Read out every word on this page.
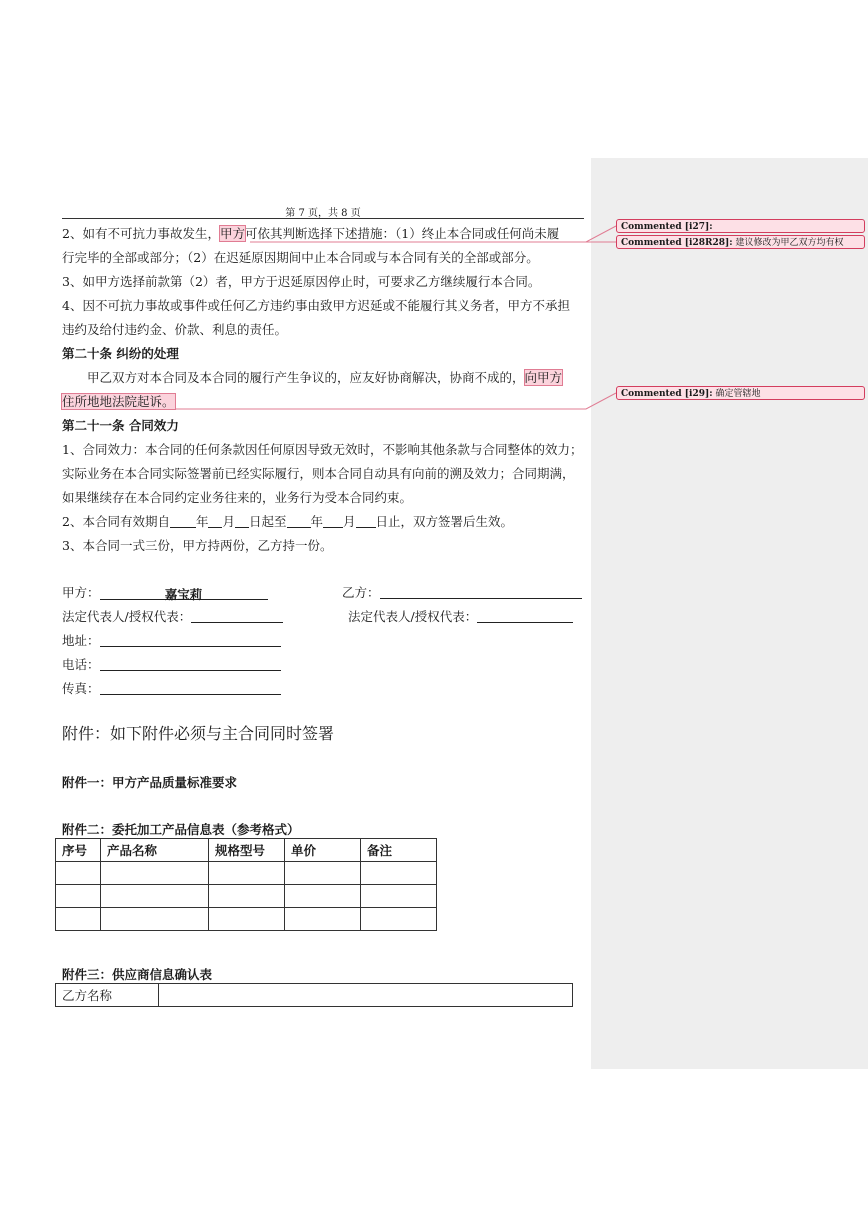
第 7 页，共 8 页

2、如有不可抗力事故发生，甲方可依其判断选择下述措施：（1）终止本合同或任何尚未履

行完毕的全部或部分；（2）在迟延原因期间中止本合同或与本合同有关的全部或部分。

3、如甲方选择前款第（2）者，甲方于迟延原因停止时，可要求乙方继续履行本合同。

4、因不可抗力事故或事件或任何乙方违约事由致甲方迟延或不能履行其义务者，甲方不承担

违约及给付违约金、价款、利息的责任。

第二十条 纠纷的处理

甲乙双方对本合同及本合同的履行产生争议的，应友好协商解决，协商不成的，向甲方

住所地地法院起诉。

第二十一条 合同效力

1、合同效力：本合同的任何条款因任何原因导致无效时，不影响其他条款与合同整体的效力；

实际业务在本合同实际签署前已经实际履行，则本合同自动具有向前的溯及效力；合同期满，

如果继续存在本合同约定业务往来的，业务行为受本合同约束。

2、本合同有效期自 年 月 日起至 年 月 日止，双方签署后生效。

3、本合同一式三份，甲方持两份，乙方持一份。

Commented [i27]:
Commented [i28R28]: 建议修改为甲乙双方均有权
Commented [i29]: 确定管辖地
甲方：	嘉宝莉	乙方：
法定代表人/授权代表：	法定代表人/授权代表：
地址：
电话：
传真：
附件：如下附件必须与主合同同时签署
附件一：甲方产品质量标准要求
附件二：委托加工产品信息表（参考格式）
序号	产品名称	规格型号	单价	备注

附件三：供应商信息确认表
乙方名称	
